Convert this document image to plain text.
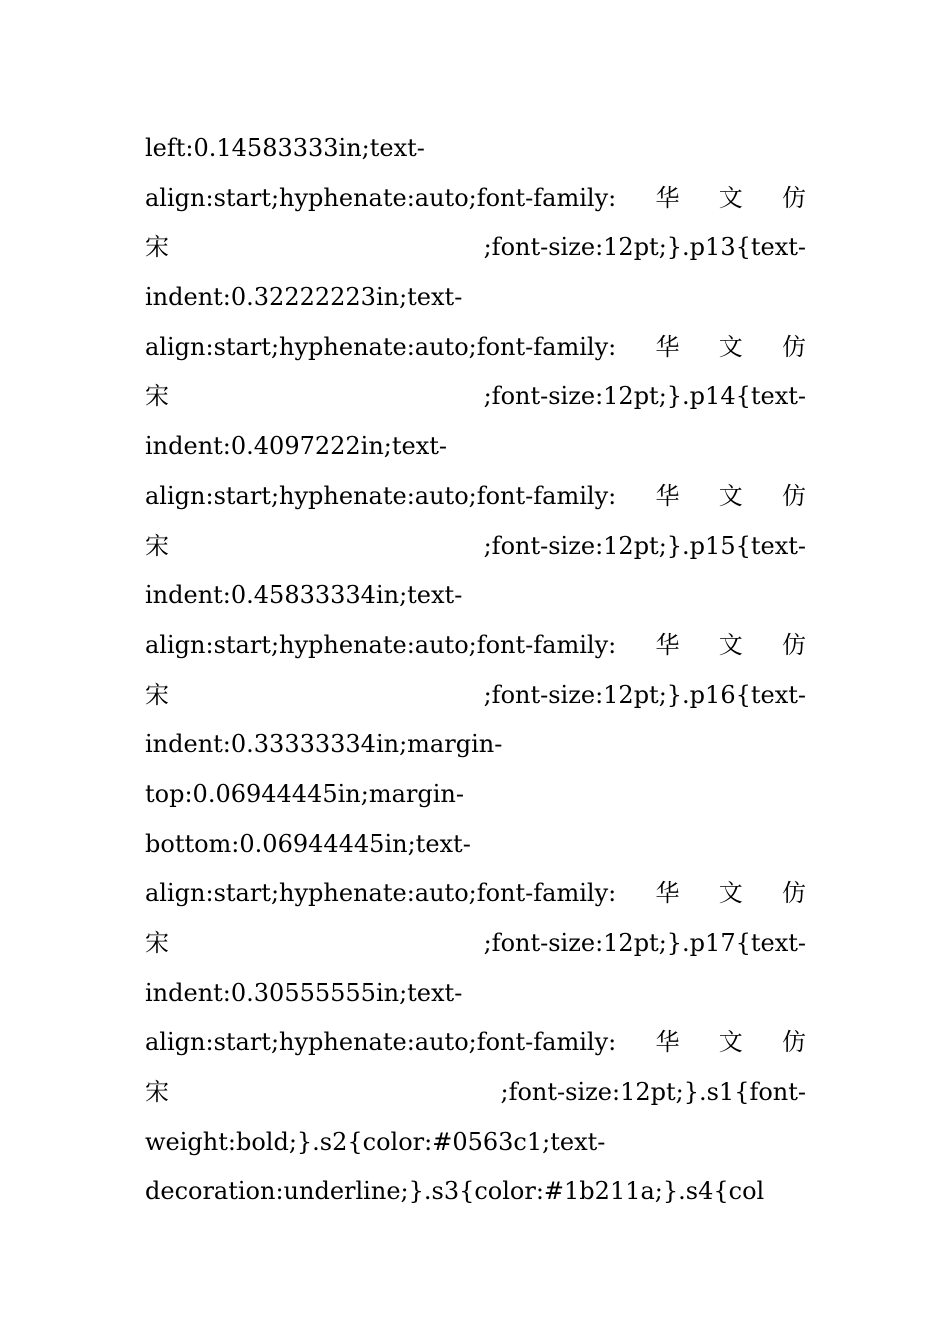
left:0.14583333in;text-
align:start;hyphenate:auto;font-family: 华 文 仿
宋	;font-size:12pt;}.p13{text-
indent:0.32222223in;text-
align:start;hyphenate:auto;font-family: 华 文 仿
宋	;font-size:12pt;}.p14{text-
indent:0.4097222in;text-
align:start;hyphenate:auto;font-family: 华 文 仿
宋	;font-size:12pt;}.p15{text-
indent:0.45833334in;text-
align:start;hyphenate:auto;font-family: 华 文 仿
宋	;font-size:12pt;}.p16{text-
indent:0.33333334in;margin-
top:0.06944445in;margin-
bottom:0.06944445in;text-
align:start;hyphenate:auto;font-family: 华 文 仿
宋	;font-size:12pt;}.p17{text-
indent:0.30555555in;text-
align:start;hyphenate:auto;font-family: 华 文 仿
宋	;font-size:12pt;}.s1{font-
weight:bold;}.s2{color:#0563c1;text-
decoration:underline;}.s3{color:#1b211a;}.s4{col
